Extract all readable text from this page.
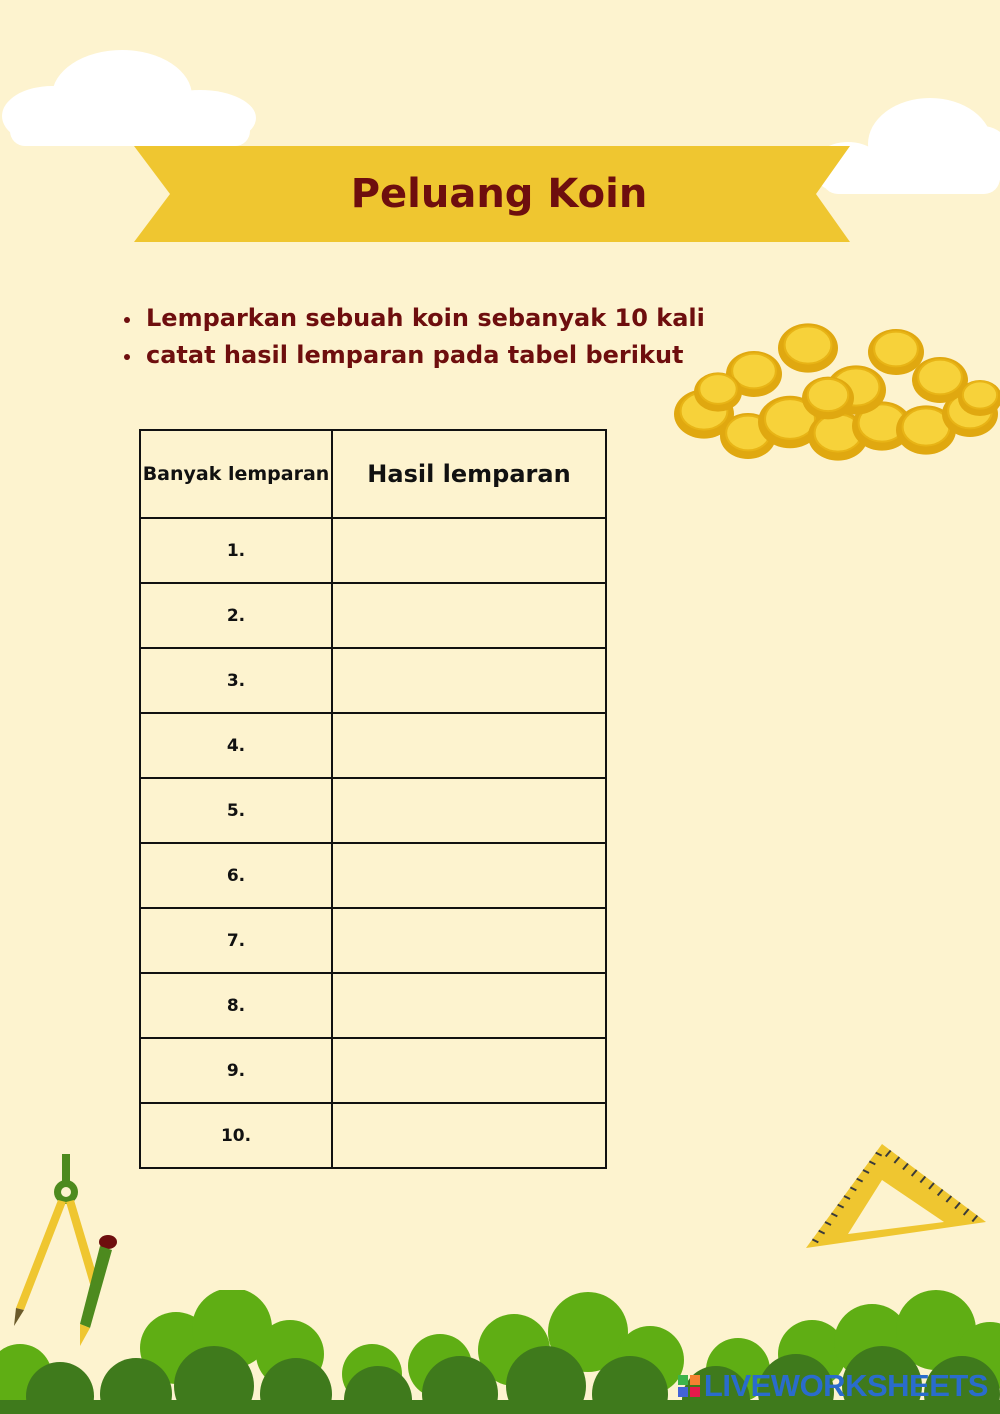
Peluang Koin
Lemparkan sebuah koin sebanyak 10 kali
catat hasil lemparan pada tabel berikut
Banyak lemparan	Hasil lemparan
1.	
2.	
3.	
4.	
5.	
6.	
7.	
8.	
9.	
10.	
LIVEWORKSHEETS
